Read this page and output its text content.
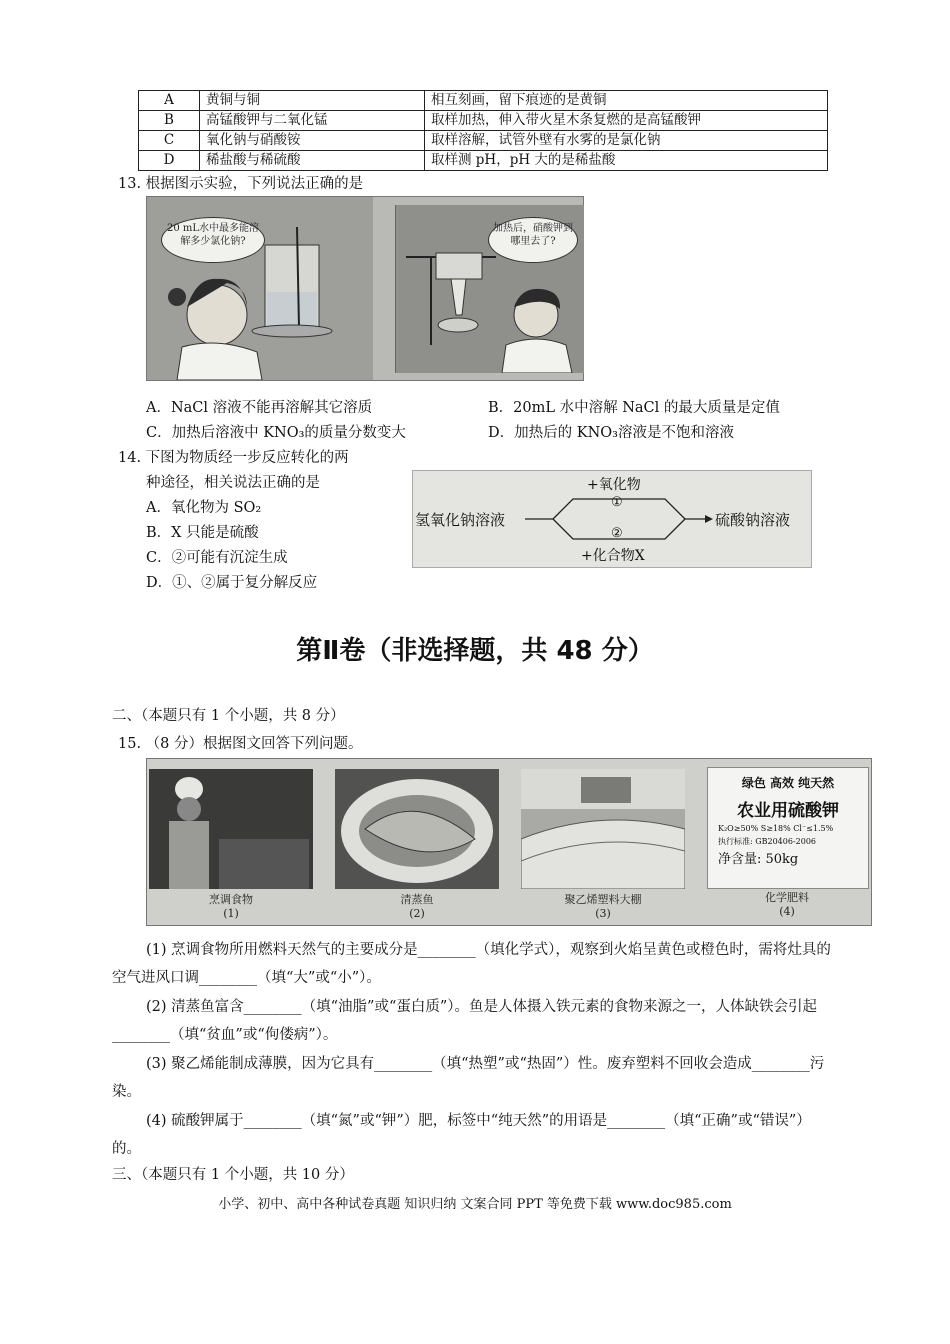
A	黄铜与铜	相互刻画，留下痕迹的是黄铜
B	高锰酸钾与二氧化锰	取样加热，伸入带火星木条复燃的是高锰酸钾
C	氧化钠与硝酸铵	取样溶解，试管外壁有水雾的是氯化钠
D	稀盐酸与稀硫酸	取样测 pH，pH 大的是稀盐酸
13. 根据图示实验，下列说法正确的是
20 mL水中最多能溶解多少氯化钠?
加热后，硝酸钾到哪里去了?
A．NaCl 溶液不能再溶解其它溶质	B．20mL 水中溶解 NaCl 的最大质量是定值
C．加热后溶液中 KNO₃的质量分数变大	D．加热后的 KNO₃溶液是不饱和溶液
14. 下图为物质经一步反应转化的两
种途径，相关说法正确的是
A．氧化物为 SO₂
B．X 只能是硫酸
C．②可能有沉淀生成
D．①、②属于复分解反应
氢氧化钠溶液	硫酸钠溶液
+氧化物
①
②
+化合物X
第Ⅱ卷（非选择题，共 48 分）
二、（本题只有 1 个小题，共 8 分）
15. （8 分）根据图文回答下列问题。
绿色 高效 纯天然
农业用硫酸钾
K₂O≥50% S≥18% Cl⁻≤1.5%
执行标准: GB20406-2006
净含量: 50kg
烹调食物
(1)
清蒸鱼
(2)
聚乙烯塑料大棚
(3)
化学肥料
(4)
(1) 烹调食物所用燃料天然气的主要成分是________（填化学式），观察到火焰呈黄色或橙色时，需将灶具的空气进风口调________（填“大”或“小”）。
(2) 清蒸鱼富含________（填“油脂”或“蛋白质”）。鱼是人体摄入铁元素的食物来源之一，人体缺铁会引起________（填“贫血”或“佝偻病”）。
(3) 聚乙烯能制成薄膜，因为它具有________（填“热塑”或“热固”）性。废弃塑料不回收会造成________污染。
(4) 硫酸钾属于________（填“氮”或“钾”）肥，标签中“纯天然”的用语是________（填“正确”或“错误”）的。
三、（本题只有 1 个小题，共 10 分）
小学、初中、高中各种试卷真题 知识归纳 文案合同 PPT 等免费下载 www.doc985.com
